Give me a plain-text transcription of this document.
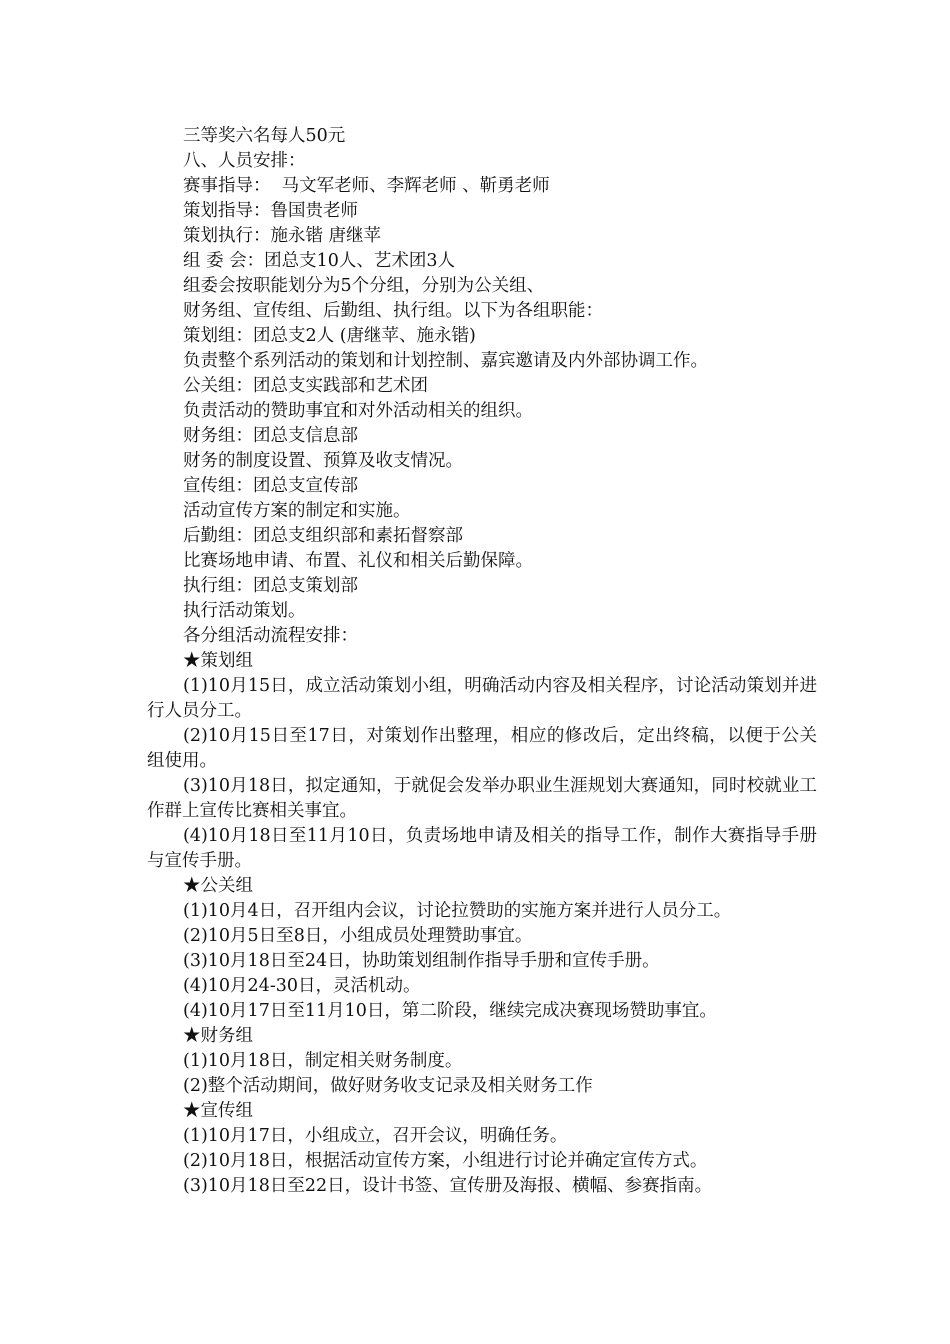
三等奖六名每人50元
八、人员安排：
赛事指导：  马文军老师、李辉老师 、靳勇老师
策划指导：鲁国贵老师
策划执行：施永锴 唐继苹
组 委 会：团总支10人、艺术团3人
组委会按职能划分为5个分组，分别为公关组、
财务组、宣传组、后勤组、执行组。以下为各组职能：
策划组：团总支2人 (唐继苹、施永锴)
负责整个系列活动的策划和计划控制、嘉宾邀请及内外部协调工作。
公关组：团总支实践部和艺术团
负责活动的赞助事宜和对外活动相关的组织。
财务组：团总支信息部
财务的制度设置、预算及收支情况。
宣传组：团总支宣传部
活动宣传方案的制定和实施。
后勤组：团总支组织部和素拓督察部
比赛场地申请、布置、礼仪和相关后勤保障。
执行组：团总支策划部
执行活动策划。
各分组活动流程安排：
★策划组

(1)10月15日，成立活动策划小组，明确活动内容及相关程序，讨论活动策划并进行人员分工。

(2)10月15日至17日，对策划作出整理，相应的修改后，定出终稿，以便于公关组使用。

(3)10月18日，拟定通知，于就促会发举办职业生涯规划大赛通知，同时校就业工作群上宣传比赛相关事宜。

(4)10月18日至11月10日，负责场地申请及相关的指导工作，制作大赛指导手册与宣传手册。

★公关组
(1)10月4日，召开组内会议，讨论拉赞助的实施方案并进行人员分工。
(2)10月5日至8日，小组成员处理赞助事宜。
(3)10月18日至24日，协助策划组制作指导手册和宣传手册。
(4)10月24-30日，灵活机动。
(4)10月17日至11月10日，第二阶段，继续完成决赛现场赞助事宜。
★财务组
(1)10月18日，制定相关财务制度。
(2)整个活动期间，做好财务收支记录及相关财务工作
★宣传组
(1)10月17日，小组成立，召开会议，明确任务。
(2)10月18日，根据活动宣传方案，小组进行讨论并确定宣传方式。
(3)10月18日至22日，设计书签、宣传册及海报、横幅、参赛指南。
